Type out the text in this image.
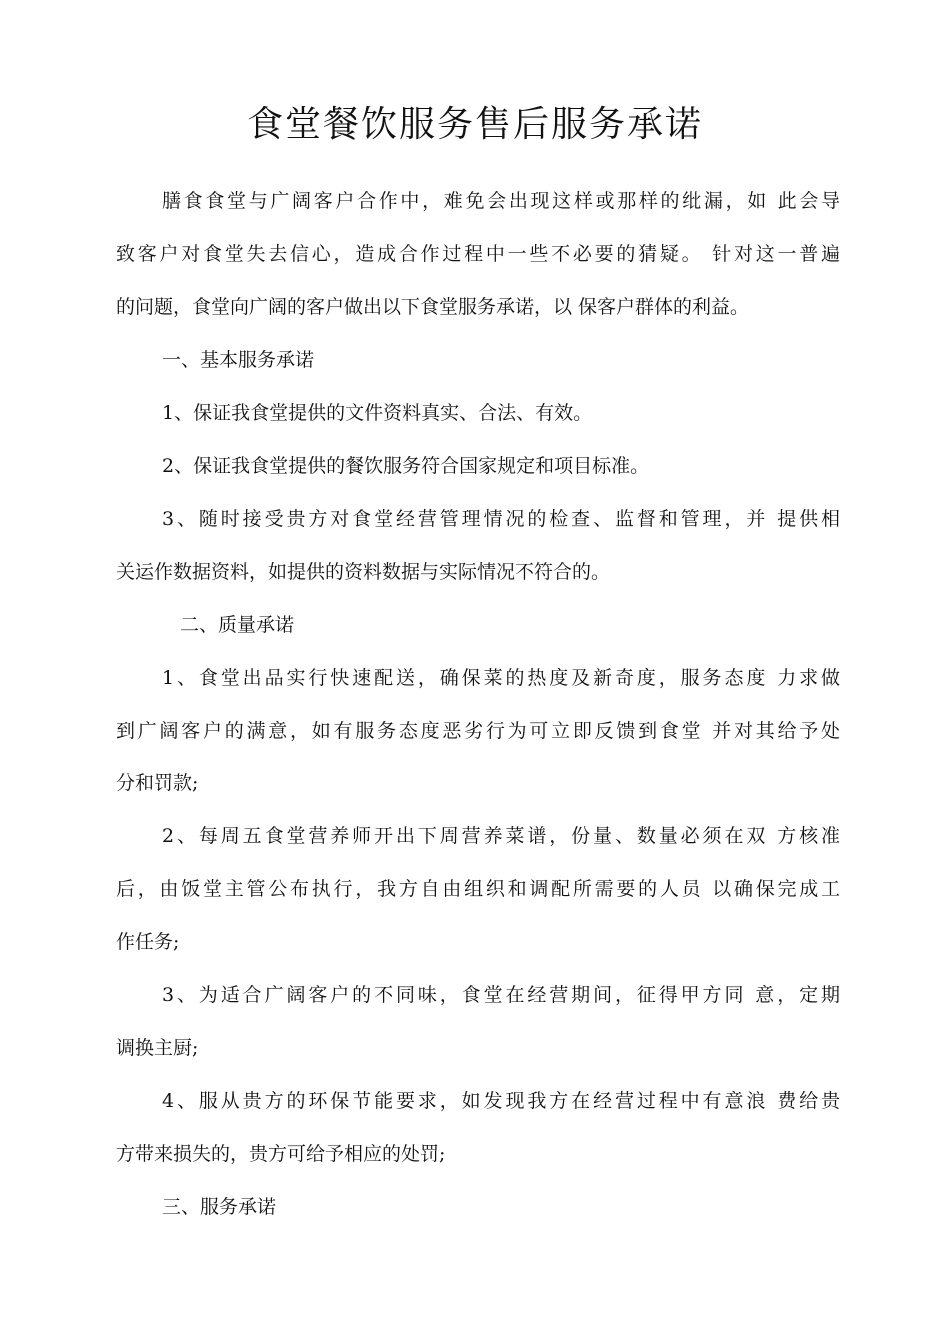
食堂餐饮服务售后服务承诺

膳食食堂与广阔客户合作中，难免会出现这样或那样的纰漏，如 此会导

致客户对食堂失去信心，造成合作过程中一些不必要的猜疑。 针对这一普遍

的问题，食堂向广阔的客户做出以下食堂服务承诺，以 保客户群体的利益。

一、基本服务承诺

1、保证我食堂提供的文件资料真实、合法、有效。

2、保证我食堂提供的餐饮服务符合国家规定和项目标准。

3、随时接受贵方对食堂经营管理情况的检查、监督和管理，并 提供相

关运作数据资料，如提供的资料数据与实际情况不符合的。

二、质量承诺

1、食堂出品实行快速配送，确保菜的热度及新奇度，服务态度 力求做

到广阔客户的满意，如有服务态度恶劣行为可立即反馈到食堂 并对其给予处

分和罚款;

2、每周五食堂营养师开出下周营养菜谱，份量、数量必须在双 方核准

后，由饭堂主管公布执行，我方自由组织和调配所需要的人员 以确保完成工

作任务;

3、为适合广阔客户的不同味，食堂在经营期间，征得甲方同 意，定期

调换主厨;

4、服从贵方的环保节能要求，如发现我方在经营过程中有意浪 费给贵

方带来损失的，贵方可给予相应的处罚;

三、服务承诺
